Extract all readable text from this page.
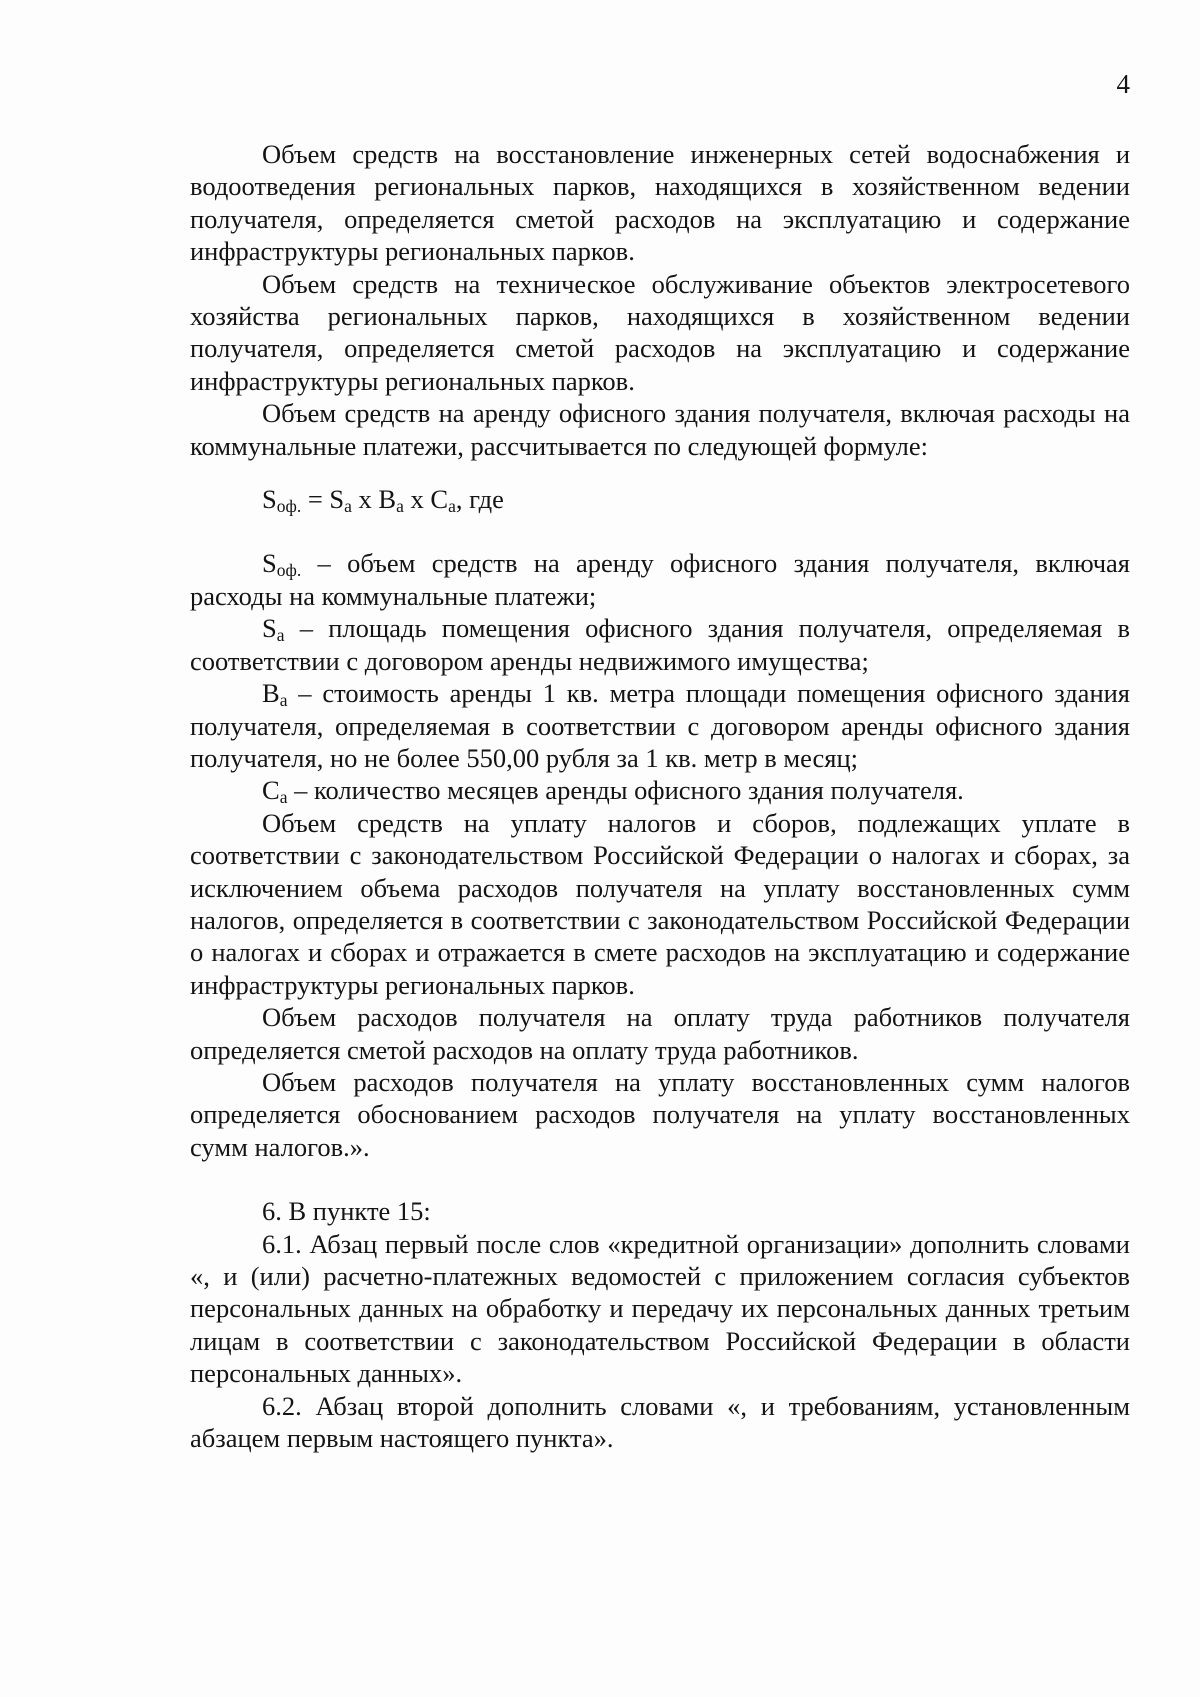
4

Объем средств на восстановление инженерных сетей водоснабжения и водоотведения региональных парков, находящихся в хозяйственном ведении получателя, определяется сметой расходов на эксплуатацию и содержание инфраструктуры региональных парков.

Объем средств на техническое обслуживание объектов электросетевого хозяйства региональных парков, находящихся в хозяйственном ведении получателя, определяется сметой расходов на эксплуатацию и содержание инфраструктуры региональных парков.

Объем средств на аренду офисного здания получателя, включая расходы на коммунальные платежи, рассчитывается по следующей формуле:

$S_{оф.} = S_а$ х $В_а$ х $С_а$, где

$S_{оф.}$ – объем средств на аренду офисного здания получателя, включая расходы на коммунальные платежи;

$S_а$ – площадь помещения офисного здания получателя, определяемая в соответствии с договором аренды недвижимого имущества;

$В_а$ – стоимость аренды 1 кв. метра площади помещения офисного здания получателя, определяемая в соответствии с договором аренды офисного здания получателя, но не более 550,00 рубля за 1 кв. метр в месяц;

$С_а$ – количество месяцев аренды офисного здания получателя.

Объем средств на уплату налогов и сборов, подлежащих уплате в соответствии с законодательством Российской Федерации о налогах и сборах, за исключением объема расходов получателя на уплату восстановленных сумм налогов, определяется в соответствии с законодательством Российской Федерации о налогах и сборах и отражается в смете расходов на эксплуатацию и содержание инфраструктуры региональных парков.

Объем расходов получателя на оплату труда работников получателя определяется сметой расходов на оплату труда работников.

Объем расходов получателя на уплату восстановленных сумм налогов определяется обоснованием расходов получателя на уплату восстановленных сумм налогов.».

6. В пункте 15:

6.1. Абзац первый после слов «кредитной организации» дополнить словами «, и (или) расчетно-платежных ведомостей с приложением согласия субъектов персональных данных на обработку и передачу их персональных данных третьим лицам в соответствии с законодательством Российской Федерации в области персональных данных».

6.2. Абзац второй дополнить словами «, и требованиям, установленным абзацем первым настоящего пункта».
